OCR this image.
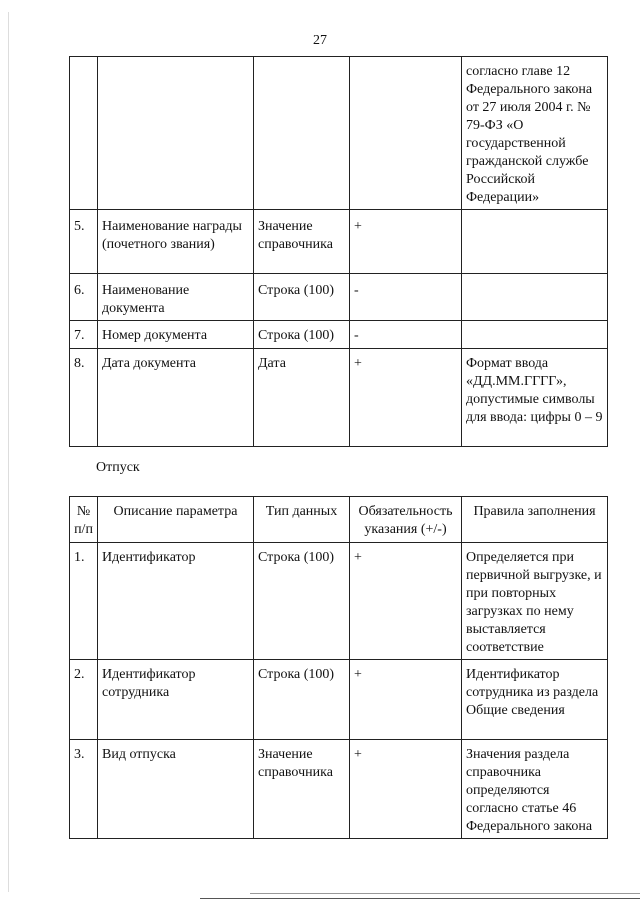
27
				согласно главе 12 Федерального закона от 27 июля 2004 г. № 79-ФЗ «О государственной гражданской службе Российской Федерации»
5.	Наименование награды (почетного звания)	Значение справочника	+	
6.	Наименование документа	Строка (100)	-	
7.	Номер документа	Строка (100)	-	
8.	Дата документа	Дата	+	Формат ввода «ДД.ММ.ГГГГ», допустимые символы для ввода: цифры 0 – 9
Отпуск
№ п/п	Описание параметра	Тип данных	Обязательность указания (+/-)	Правила заполнения
1.	Идентификатор	Строка (100)	+	Определяется при первичной выгрузке, и при повторных загрузках по нему выставляется соответствие
2.	Идентификатор сотрудника	Строка (100)	+	Идентификатор сотрудника из раздела Общие сведения
3.	Вид отпуска	Значение справочника	+	Значения раздела справочника определяются согласно статье 46 Федерального закона
